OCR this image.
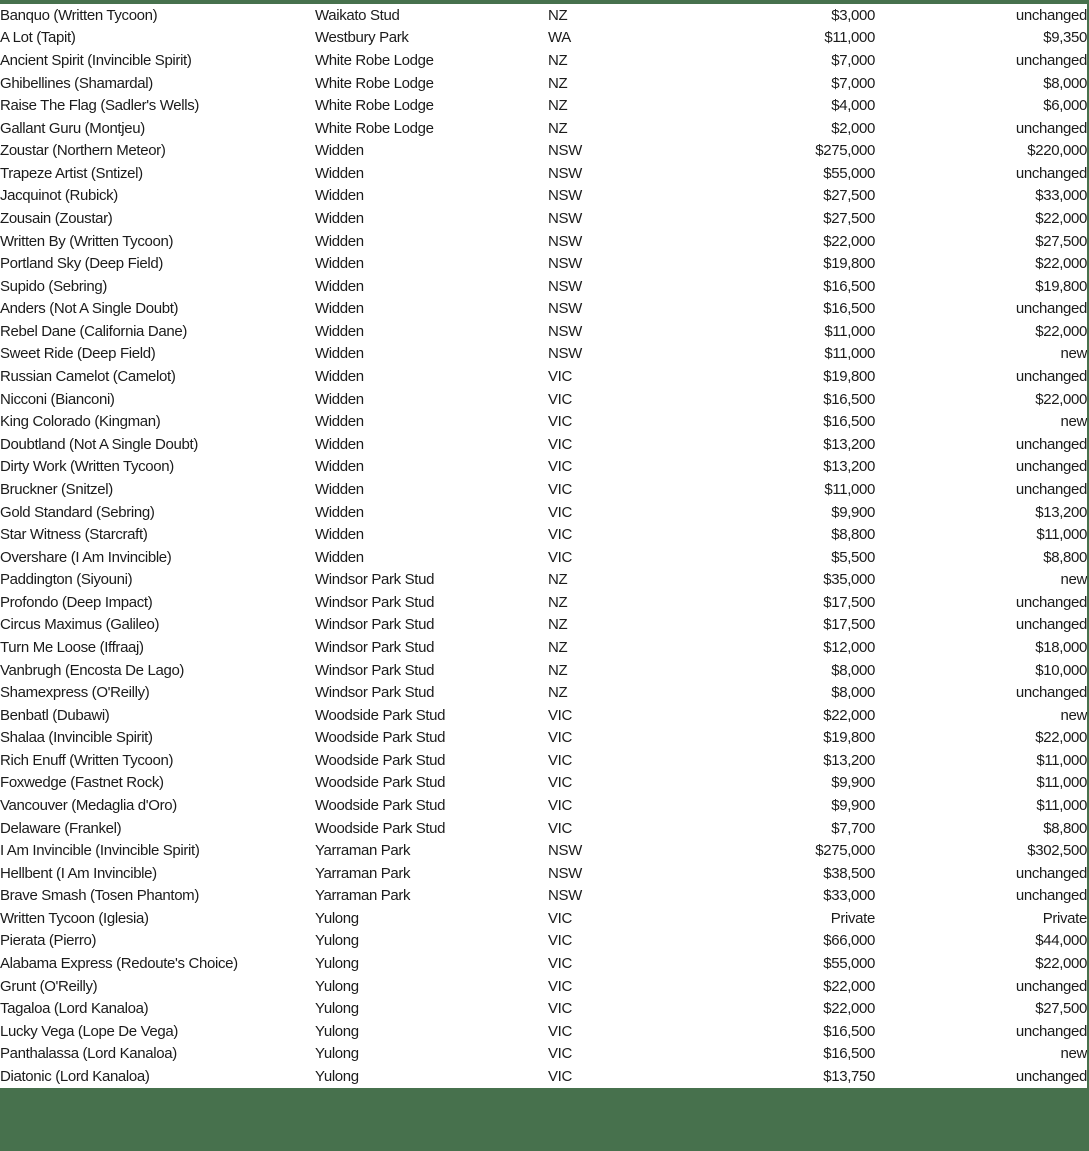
Banquo (Written Tycoon)	Waikato Stud	NZ	$3,000	unchanged
A Lot (Tapit)	Westbury Park	WA	$11,000	$9,350
Ancient Spirit (Invincible Spirit)	White Robe Lodge	NZ	$7,000	unchanged
Ghibellines (Shamardal)	White Robe Lodge	NZ	$7,000	$8,000
Raise The Flag (Sadler's Wells)	White Robe Lodge	NZ	$4,000	$6,000
Gallant Guru (Montjeu)	White Robe Lodge	NZ	$2,000	unchanged
Zoustar (Northern Meteor)	Widden	NSW	$275,000	$220,000
Trapeze Artist (Sntizel)	Widden	NSW	$55,000	unchanged
Jacquinot (Rubick)	Widden	NSW	$27,500	$33,000
Zousain (Zoustar)	Widden	NSW	$27,500	$22,000
Written By (Written Tycoon)	Widden	NSW	$22,000	$27,500
Portland Sky (Deep Field)	Widden	NSW	$19,800	$22,000
Supido (Sebring)	Widden	NSW	$16,500	$19,800
Anders (Not A Single Doubt)	Widden	NSW	$16,500	unchanged
Rebel Dane (California Dane)	Widden	NSW	$11,000	$22,000
Sweet Ride (Deep Field)	Widden	NSW	$11,000	new
Russian Camelot (Camelot)	Widden	VIC	$19,800	unchanged
Nicconi (Bianconi)	Widden	VIC	$16,500	$22,000
King Colorado (Kingman)	Widden	VIC	$16,500	new
Doubtland (Not A Single Doubt)	Widden	VIC	$13,200	unchanged
Dirty Work (Written Tycoon)	Widden	VIC	$13,200	unchanged
Bruckner (Snitzel)	Widden	VIC	$11,000	unchanged
Gold Standard (Sebring)	Widden	VIC	$9,900	$13,200
Star Witness (Starcraft)	Widden	VIC	$8,800	$11,000
Overshare (I Am Invincible)	Widden	VIC	$5,500	$8,800
Paddington (Siyouni)	Windsor Park Stud	NZ	$35,000	new
Profondo (Deep Impact)	Windsor Park Stud	NZ	$17,500	unchanged
Circus Maximus (Galileo)	Windsor Park Stud	NZ	$17,500	unchanged
Turn Me Loose (Iffraaj)	Windsor Park Stud	NZ	$12,000	$18,000
Vanbrugh (Encosta De Lago)	Windsor Park Stud	NZ	$8,000	$10,000
Shamexpress (O'Reilly)	Windsor Park Stud	NZ	$8,000	unchanged
Benbatl (Dubawi)	Woodside Park Stud	VIC	$22,000	new
Shalaa (Invincible Spirit)	Woodside Park Stud	VIC	$19,800	$22,000
Rich Enuff (Written Tycoon)	Woodside Park Stud	VIC	$13,200	$11,000
Foxwedge (Fastnet Rock)	Woodside Park Stud	VIC	$9,900	$11,000
Vancouver (Medaglia d'Oro)	Woodside Park Stud	VIC	$9,900	$11,000
Delaware (Frankel)	Woodside Park Stud	VIC	$7,700	$8,800
I Am Invincible (Invincible Spirit)	Yarraman Park	NSW	$275,000	$302,500
Hellbent (I Am Invincible)	Yarraman Park	NSW	$38,500	unchanged
Brave Smash (Tosen Phantom)	Yarraman Park	NSW	$33,000	unchanged
Written Tycoon (Iglesia)	Yulong	VIC	Private	Private
Pierata (Pierro)	Yulong	VIC	$66,000	$44,000
Alabama Express (Redoute's Choice)	Yulong	VIC	$55,000	$22,000
Grunt (O'Reilly)	Yulong	VIC	$22,000	unchanged
Tagaloa (Lord Kanaloa)	Yulong	VIC	$22,000	$27,500
Lucky Vega (Lope De Vega)	Yulong	VIC	$16,500	unchanged
Panthalassa (Lord Kanaloa)	Yulong	VIC	$16,500	new
Diatonic (Lord Kanaloa)	Yulong	VIC	$13,750	unchanged
